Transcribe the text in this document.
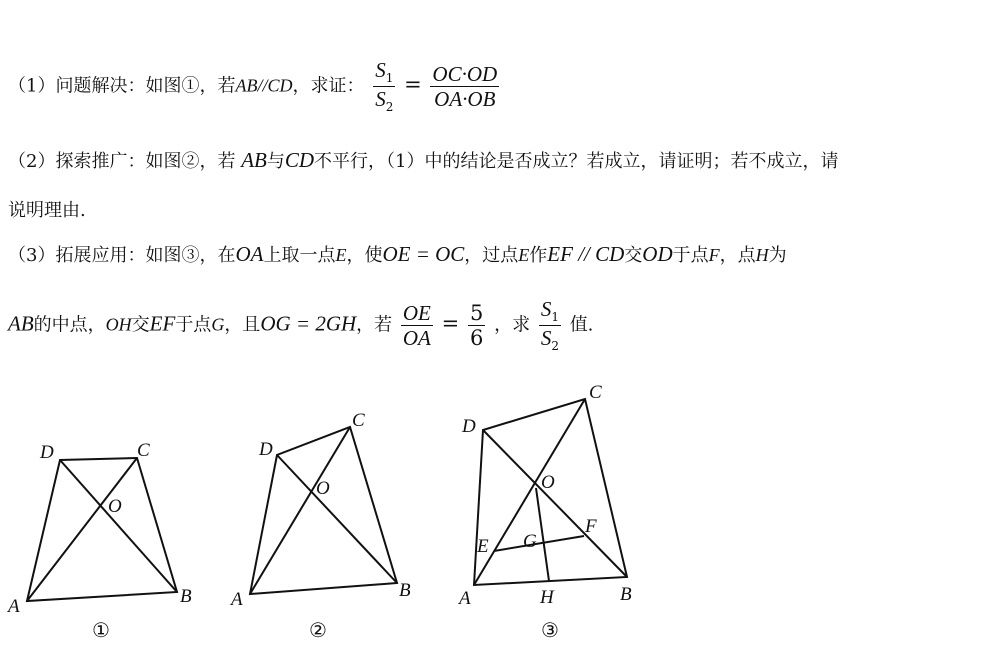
（1）问题解决：如图①，若AB//CD，求证： $\frac{S_1}{S_2} = \frac{OC\cdot OD}{OA\cdot OB}$
（2）探索推广：如图②，若 AB与CD不平行，（1）中的结论是否成立？若成立，请证明；若不成立，请
说明理由.
（3）拓展应用：如图③，在OA上取一点E，使OE = OC，过点E作EF // CD交OD于点F，点H为
AB的中点，OH交EF于点G，且OG = 2GH，若 $\frac{OE}{OA} = \frac{5}{6}$ ，求 $\frac{S_1}{S_2}$ 值.
A	B
C
D
O
①
A	B
C
D
O
②
A	B
C
D
O
E
F
G
H
③
